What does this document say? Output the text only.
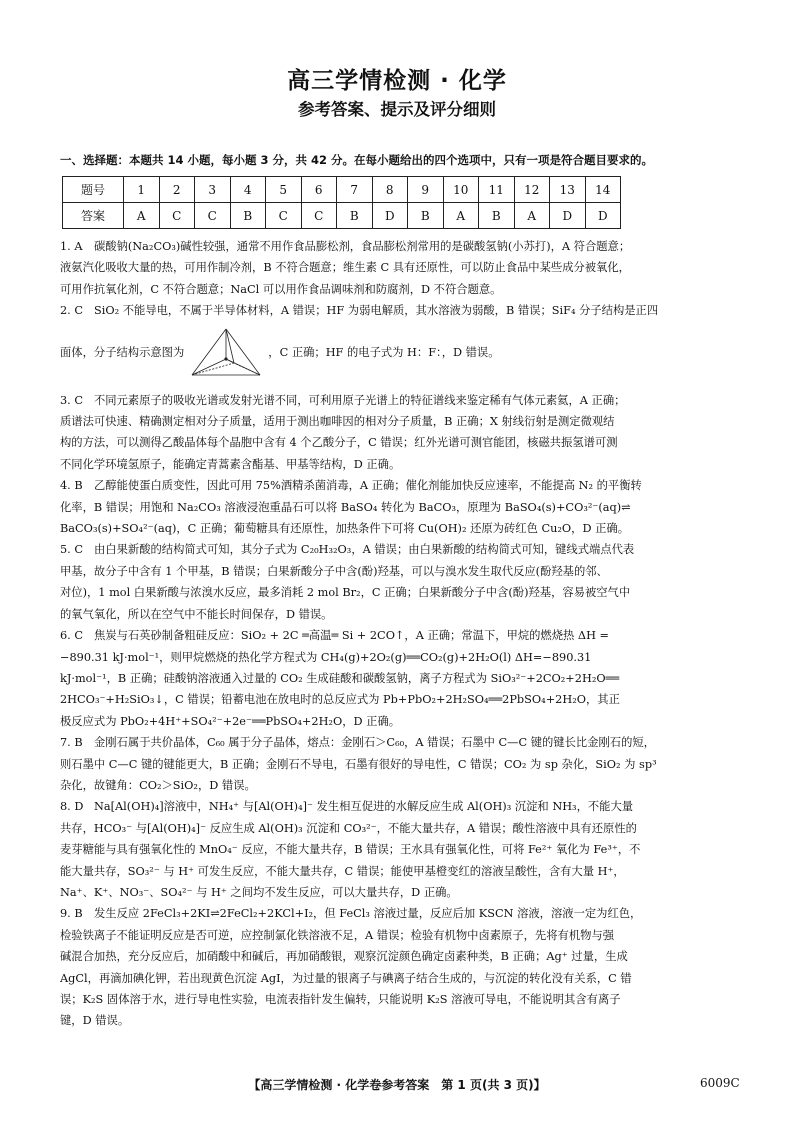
高三学情检测 · 化学
参考答案、提示及评分细则
一、选择题：本题共 14 小题，每小题 3 分，共 42 分。在每小题给出的四个选项中，只有一项是符合题目要求的。
题号	1	2	3	4	5	6	7	8	9	10	11	12	13	14
答案	A	C	C	B	C	C	B	D	B	A	B	A	D	D
1. A 碳酸钠(Na₂CO₃)碱性较强，通常不用作食品膨松剂，食品膨松剂常用的是碳酸氢钠(小苏打)，A 符合题意；
液氨汽化吸收大量的热，可用作制冷剂，B 不符合题意；维生素 C 具有还原性，可以防止食品中某些成分被氧化，
可用作抗氧化剂，C 不符合题意；NaCl 可以用作食品调味剂和防腐剂，D 不符合题意。
2. C SiO₂ 不能导电，不属于半导体材料，A 错误；HF 为弱电解质，其水溶液为弱酸，B 错误；SiF₄ 分子结构是正四
面体，分子结构示意图为	，C 正确；HF 的电子式为 H：F：，D 错误。
3. C 不同元素原子的吸收光谱或发射光谱不同，可利用原子光谱上的特征谱线来鉴定稀有气体元素氦，A 正确；
质谱法可快速、精确测定相对分子质量，适用于测出咖啡因的相对分子质量，B 正确；X 射线衍射是测定微观结
构的方法，可以测得乙酸晶体每个晶胞中含有 4 个乙酸分子，C 错误；红外光谱可测官能团，核磁共振氢谱可测
不同化学环境氢原子，能确定青蒿素含酯基、甲基等结构，D 正确。
4. B 乙醇能使蛋白质变性，因此可用 75%酒精杀菌消毒，A 正确；催化剂能加快反应速率，不能提高 N₂ 的平衡转
化率，B 错误；用饱和 Na₂CO₃ 溶液浸泡重晶石可以将 BaSO₄ 转化为 BaCO₃，原理为 BaSO₄(s)+CO₃²⁻(aq)⇌
BaCO₃(s)+SO₄²⁻(aq)，C 正确；葡萄糖具有还原性，加热条件下可将 Cu(OH)₂ 还原为砖红色 Cu₂O，D 正确。
5. C 由白果新酸的结构简式可知，其分子式为 C₂₀H₃₂O₃，A 错误；由白果新酸的结构简式可知，键线式端点代表
甲基，故分子中含有 1 个甲基，B 错误；白果新酸分子中含(酚)羟基，可以与溴水发生取代反应(酚羟基的邻、
对位)，1 mol 白果新酸与浓溴水反应，最多消耗 2 mol Br₂，C 正确；白果新酸分子中含(酚)羟基，容易被空气中
的氧气氧化，所以在空气中不能长时间保存，D 错误。
6. C 焦炭与石英砂制备粗硅反应：SiO₂ + 2C ═高温═ Si + 2CO↑，A 正确；常温下，甲烷的燃烧热 ΔH =
−890.31 kJ·mol⁻¹，则甲烷燃烧的热化学方程式为 CH₄(g)+2O₂(g)══CO₂(g)+2H₂O(l) ΔH=−890.31
kJ·mol⁻¹，B 正确；硅酸钠溶液通入过量的 CO₂ 生成硅酸和碳酸氢钠，离子方程式为 SiO₃²⁻+2CO₂+2H₂O══
2HCO₃⁻+H₂SiO₃↓，C 错误；铅蓄电池在放电时的总反应式为 Pb+PbO₂+2H₂SO₄══2PbSO₄+2H₂O，其正
极反应式为 PbO₂+4H⁺+SO₄²⁻+2e⁻══PbSO₄+2H₂O，D 正确。
7. B 金刚石属于共价晶体，C₆₀ 属于分子晶体，熔点：金刚石＞C₆₀，A 错误；石墨中 C—C 键的键长比金刚石的短，
则石墨中 C—C 键的键能更大，B 正确；金刚石不导电，石墨有很好的导电性，C 错误；CO₂ 为 sp 杂化，SiO₂ 为 sp³
杂化，故键角：CO₂＞SiO₂，D 错误。
8. D Na[Al(OH)₄]溶液中，NH₄⁺ 与[Al(OH)₄]⁻ 发生相互促进的水解反应生成 Al(OH)₃ 沉淀和 NH₃，不能大量
共存，HCO₃⁻ 与[Al(OH)₄]⁻ 反应生成 Al(OH)₃ 沉淀和 CO₃²⁻，不能大量共存，A 错误；酸性溶液中具有还原性的
麦芽糖能与具有强氧化性的 MnO₄⁻ 反应，不能大量共存，B 错误；王水具有强氧化性，可将 Fe²⁺ 氧化为 Fe³⁺，不
能大量共存，SO₃²⁻ 与 H⁺ 可发生反应，不能大量共存，C 错误；能使甲基橙变红的溶液呈酸性，含有大量 H⁺，
Na⁺、K⁺、NO₃⁻、SO₄²⁻ 与 H⁺ 之间均不发生反应，可以大量共存，D 正确。
9. B 发生反应 2FeCl₃+2KI⇌2FeCl₂+2KCl+I₂，但 FeCl₃ 溶液过量，反应后加 KSCN 溶液，溶液一定为红色，
检验铁离子不能证明反应是否可逆，应控制氯化铁溶液不足，A 错误；检验有机物中卤素原子，先将有机物与强
碱混合加热，充分反应后，加硝酸中和碱后，再加硝酸银，观察沉淀颜色确定卤素种类，B 正确；Ag⁺ 过量，生成
AgCl，再滴加碘化钾，若出现黄色沉淀 AgI，为过量的银离子与碘离子结合生成的，与沉淀的转化没有关系，C 错
误；K₂S 固体溶于水，进行导电性实验，电流表指针发生偏转，只能说明 K₂S 溶液可导电，不能说明其含有离子
键，D 错误。
【高三学情检测 · 化学卷参考答案　第 1 页(共 3 页)】	6009C
